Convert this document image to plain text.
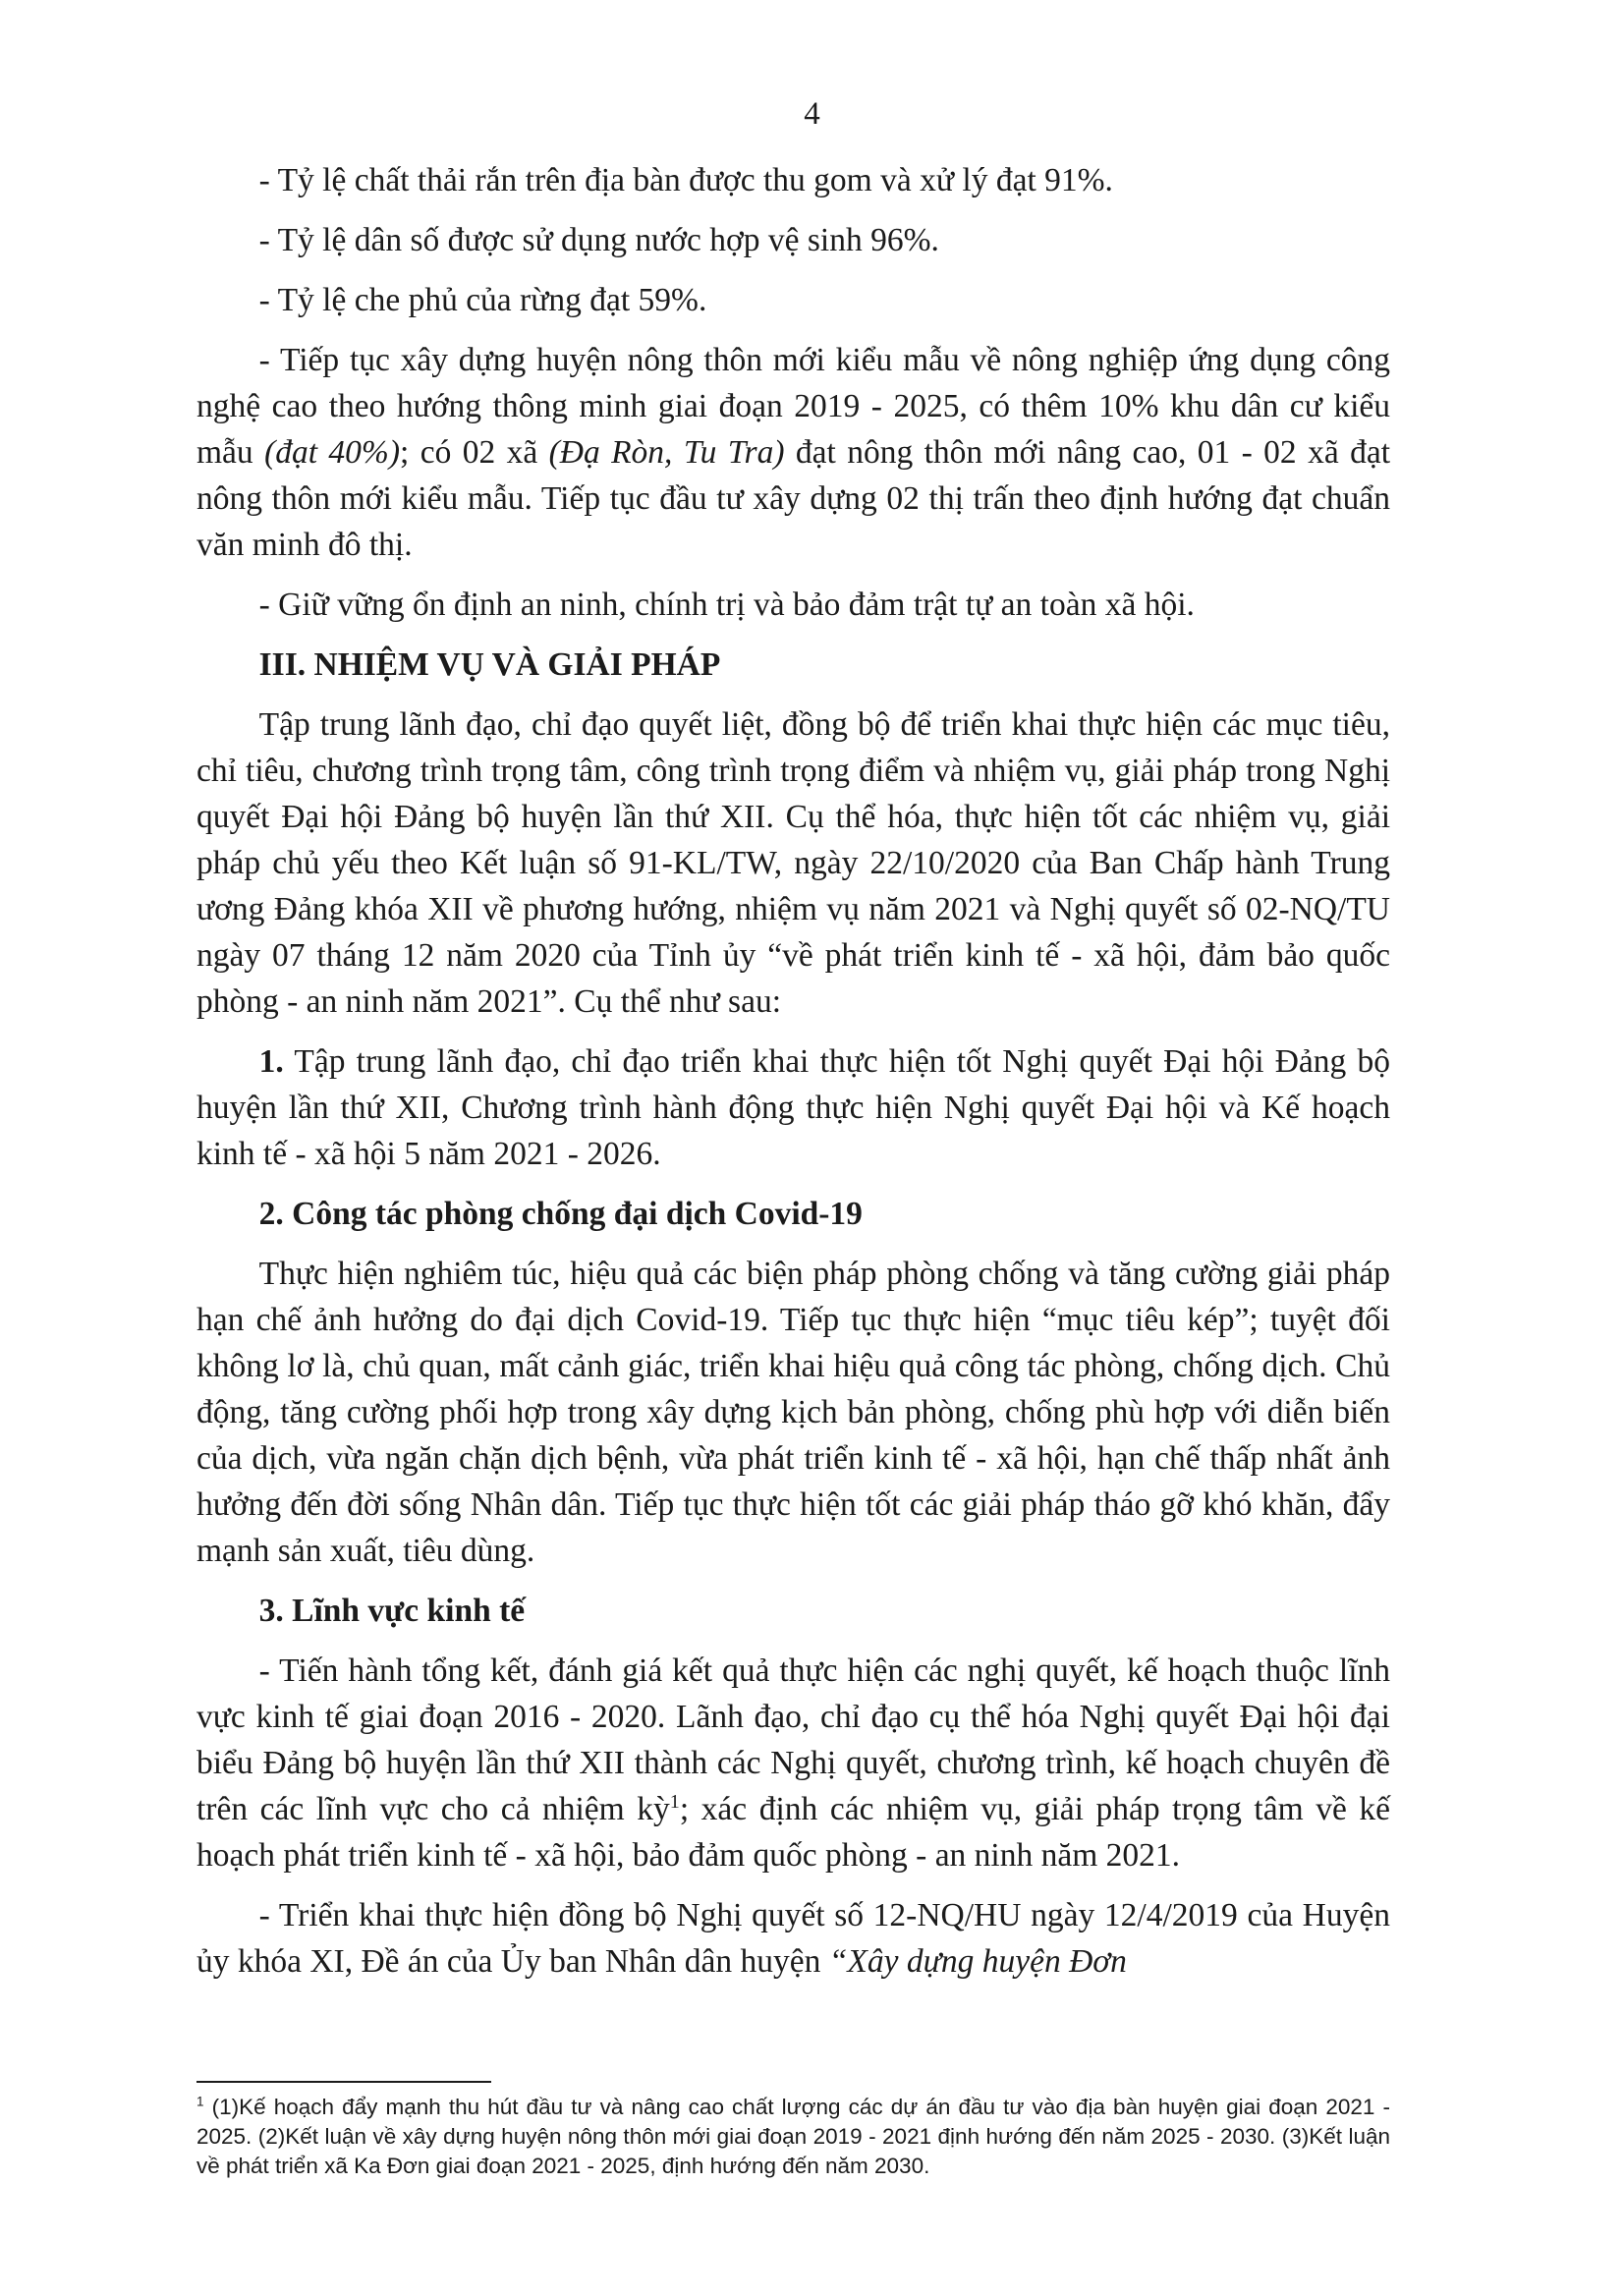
4

- Tỷ lệ chất thải rắn trên địa bàn được thu gom và xử lý đạt 91%.

- Tỷ lệ dân số được sử dụng nước hợp vệ sinh 96%.

- Tỷ lệ che phủ của rừng đạt 59%.

- Tiếp tục xây dựng huyện nông thôn mới kiểu mẫu về nông nghiệp ứng dụng công nghệ cao theo hướng thông minh giai đoạn 2019 - 2025, có thêm 10% khu dân cư kiểu mẫu (đạt 40%); có 02 xã (Đạ Ròn, Tu Tra) đạt nông thôn mới nâng cao, 01 - 02 xã đạt nông thôn mới kiểu mẫu. Tiếp tục đầu tư xây dựng 02 thị trấn theo định hướng đạt chuẩn văn minh đô thị.

- Giữ vững ổn định an ninh, chính trị và bảo đảm trật tự an toàn xã hội.

III. NHIỆM VỤ VÀ GIẢI PHÁP

Tập trung lãnh đạo, chỉ đạo quyết liệt, đồng bộ để triển khai thực hiện các mục tiêu, chỉ tiêu, chương trình trọng tâm, công trình trọng điểm và nhiệm vụ, giải pháp trong Nghị quyết Đại hội Đảng bộ huyện lần thứ XII. Cụ thể hóa, thực hiện tốt các nhiệm vụ, giải pháp chủ yếu theo Kết luận số 91-KL/TW, ngày 22/10/2020 của Ban Chấp hành Trung ương Đảng khóa XII về phương hướng, nhiệm vụ năm 2021 và Nghị quyết số 02-NQ/TU ngày 07 tháng 12 năm 2020 của Tỉnh ủy “về phát triển kinh tế - xã hội, đảm bảo quốc phòng - an ninh năm 2021”. Cụ thể như sau:

1. Tập trung lãnh đạo, chỉ đạo triển khai thực hiện tốt Nghị quyết Đại hội Đảng bộ huyện lần thứ XII, Chương trình hành động thực hiện Nghị quyết Đại hội và Kế hoạch kinh tế - xã hội 5 năm 2021 - 2026.

2. Công tác phòng chống đại dịch Covid-19

Thực hiện nghiêm túc, hiệu quả các biện pháp phòng chống và tăng cường giải pháp hạn chế ảnh hưởng do đại dịch Covid-19. Tiếp tục thực hiện “mục tiêu kép”; tuyệt đối không lơ là, chủ quan, mất cảnh giác, triển khai hiệu quả công tác phòng, chống dịch. Chủ động, tăng cường phối hợp trong xây dựng kịch bản phòng, chống phù hợp với diễn biến của dịch, vừa ngăn chặn dịch bệnh, vừa phát triển kinh tế - xã hội, hạn chế thấp nhất ảnh hưởng đến đời sống Nhân dân. Tiếp tục thực hiện tốt các giải pháp tháo gỡ khó khăn, đẩy mạnh sản xuất, tiêu dùng.

3. Lĩnh vực kinh tế

- Tiến hành tổng kết, đánh giá kết quả thực hiện các nghị quyết, kế hoạch thuộc lĩnh vực kinh tế giai đoạn 2016 - 2020. Lãnh đạo, chỉ đạo cụ thể hóa Nghị quyết Đại hội đại biểu Đảng bộ huyện lần thứ XII thành các Nghị quyết, chương trình, kế hoạch chuyên đề trên các lĩnh vực cho cả nhiệm kỳ$^1$; xác định các nhiệm vụ, giải pháp trọng tâm về kế hoạch phát triển kinh tế - xã hội, bảo đảm quốc phòng - an ninh năm 2021.

- Triển khai thực hiện đồng bộ Nghị quyết số 12-NQ/HU ngày 12/4/2019 của Huyện ủy khóa XI, Đề án của Ủy ban Nhân dân huyện “Xây dựng huyện Đơn

$^1$ (1)Kế hoạch đẩy mạnh thu hút đầu tư và nâng cao chất lượng các dự án đầu tư vào địa bàn huyện giai đoạn 2021 - 2025. (2)Kết luận về xây dựng huyện nông thôn mới giai đoạn 2019 - 2021 định hướng đến năm 2025 - 2030. (3)Kết luận về phát triển xã Ka Đơn giai đoạn 2021 - 2025, định hướng đến năm 2030.
